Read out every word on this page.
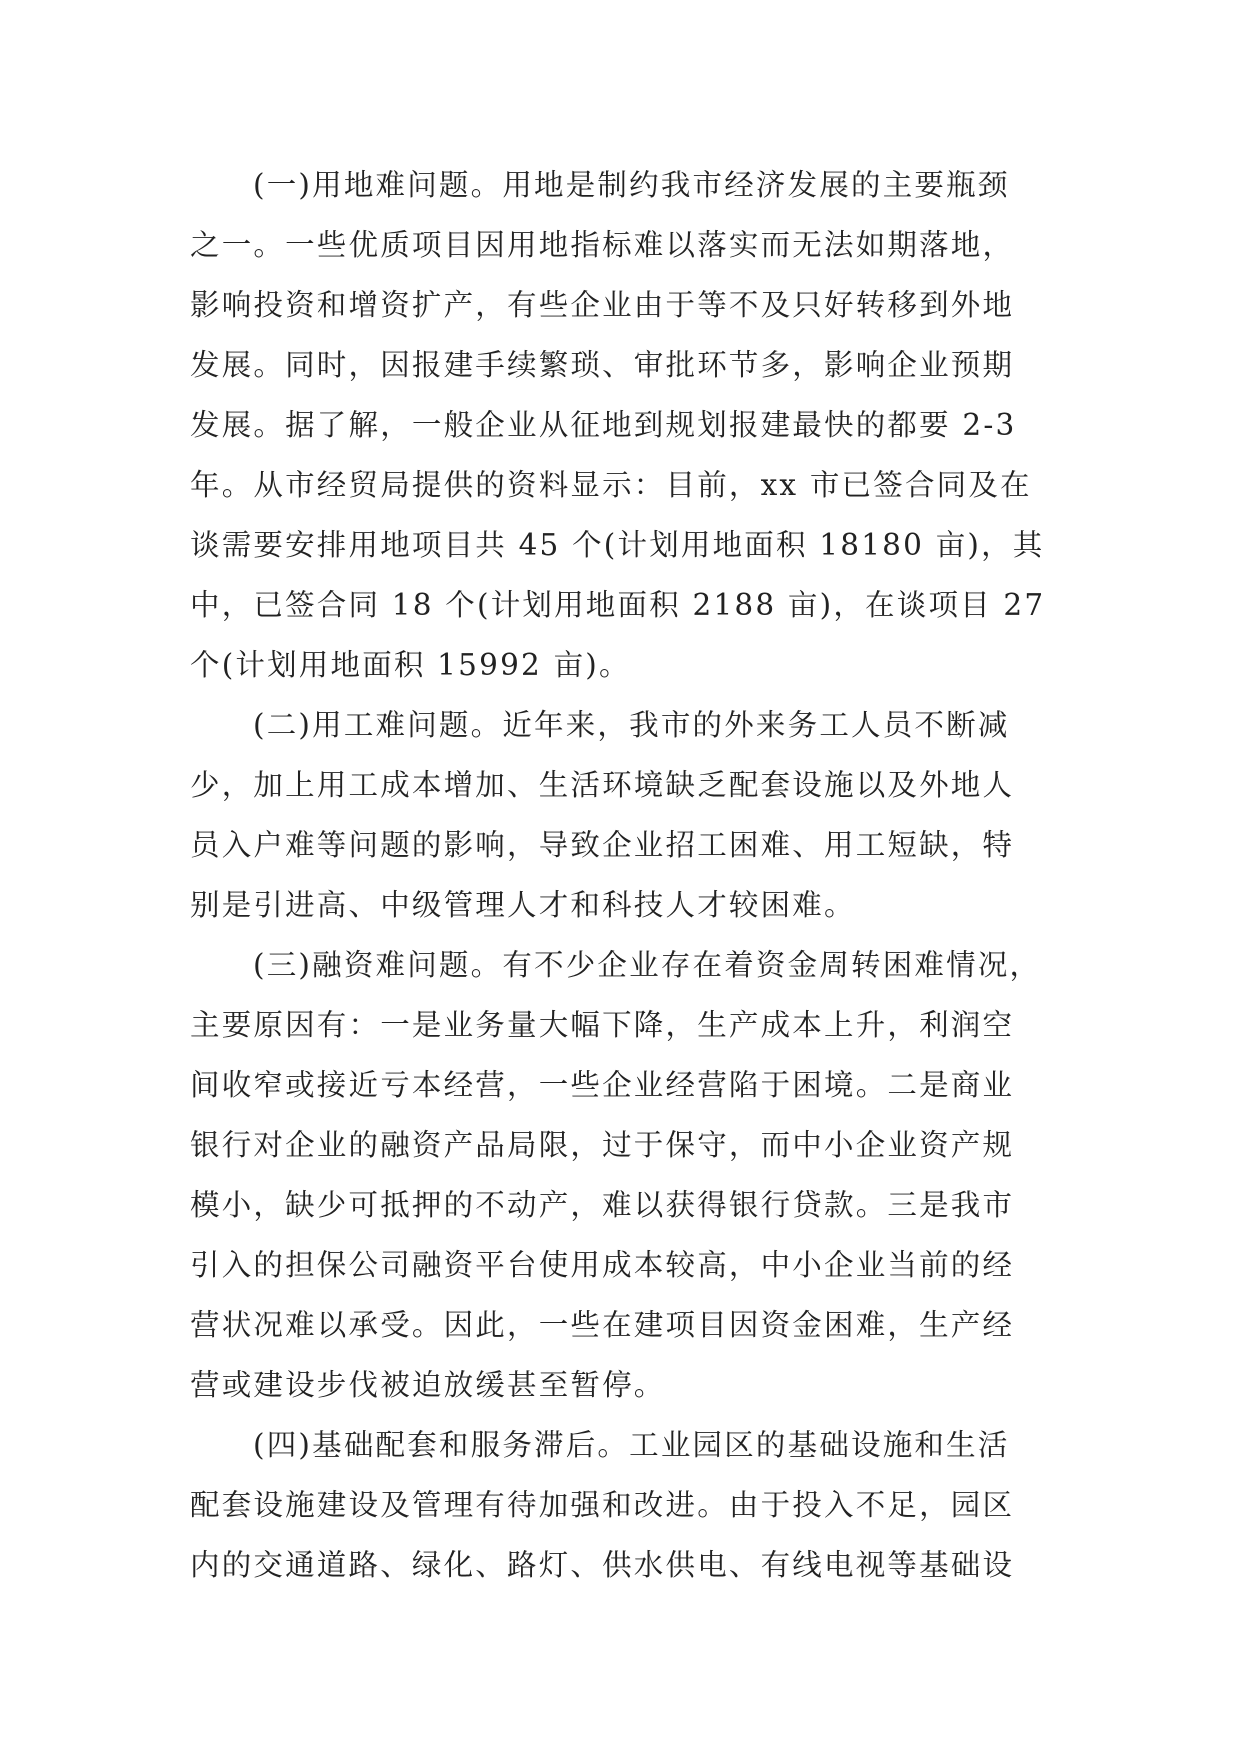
(一)用地难问题。用地是制约我市经济发展的主要瓶颈
之一。一些优质项目因用地指标难以落实而无法如期落地，
影响投资和增资扩产，有些企业由于等不及只好转移到外地
发展。同时，因报建手续繁琐、审批环节多，影响企业预期
发展。据了解，一般企业从征地到规划报建最快的都要 2-3
年。从市经贸局提供的资料显示：目前，xx 市已签合同及在
谈需要安排用地项目共 45 个(计划用地面积 18180 亩)，其
中，已签合同 18 个(计划用地面积 2188 亩)，在谈项目 27
个(计划用地面积 15992 亩)。
(二)用工难问题。近年来，我市的外来务工人员不断减
少，加上用工成本增加、生活环境缺乏配套设施以及外地人
员入户难等问题的影响，导致企业招工困难、用工短缺，特
别是引进高、中级管理人才和科技人才较困难。
(三)融资难问题。有不少企业存在着资金周转困难情况，
主要原因有：一是业务量大幅下降，生产成本上升，利润空
间收窄或接近亏本经营，一些企业经营陷于困境。二是商业
银行对企业的融资产品局限，过于保守，而中小企业资产规
模小，缺少可抵押的不动产，难以获得银行贷款。三是我市
引入的担保公司融资平台使用成本较高，中小企业当前的经
营状况难以承受。因此，一些在建项目因资金困难，生产经
营或建设步伐被迫放缓甚至暂停。
(四)基础配套和服务滞后。工业园区的基础设施和生活
配套设施建设及管理有待加强和改进。由于投入不足，园区
内的交通道路、绿化、路灯、供水供电、有线电视等基础设
